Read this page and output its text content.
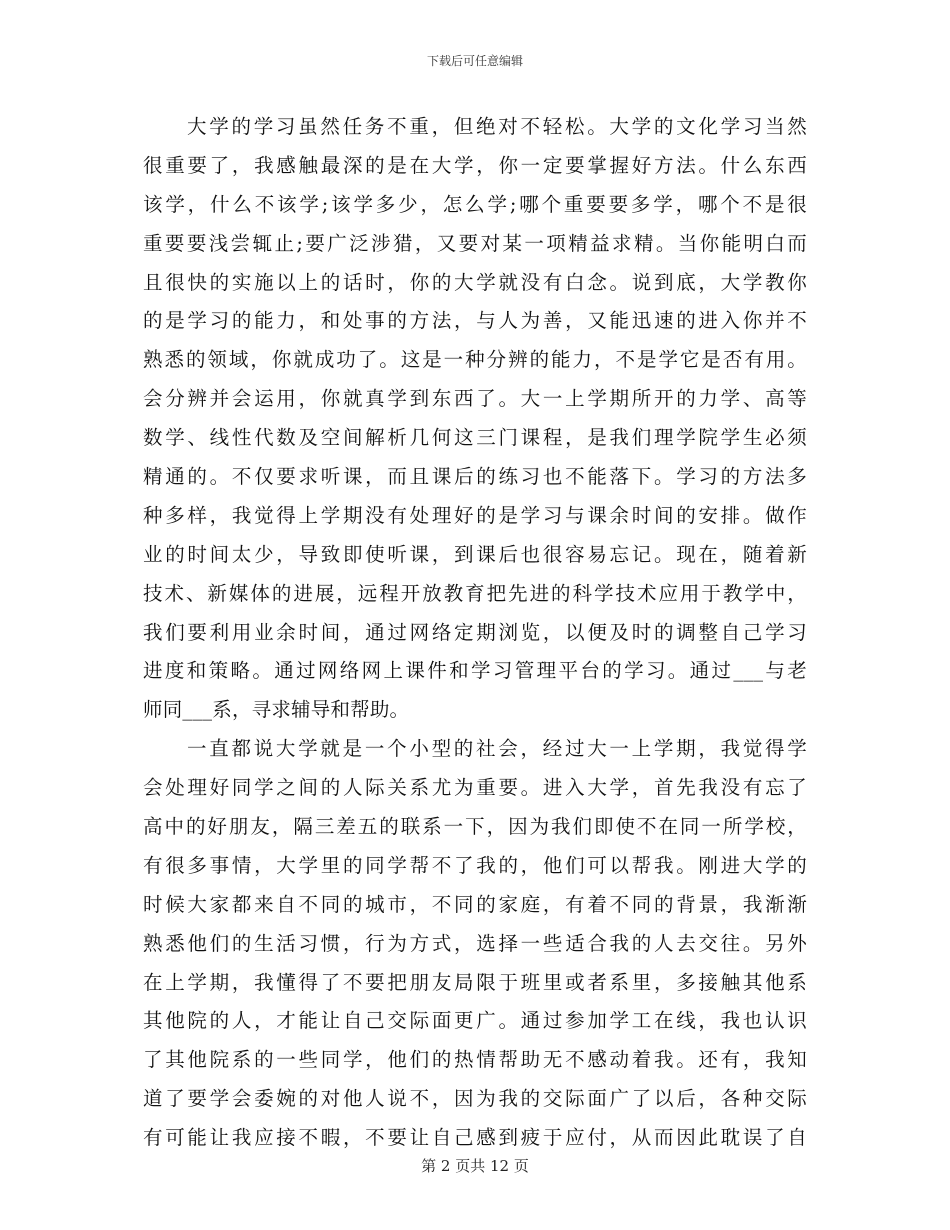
下载后可任意编辑
大学的学习虽然任务不重，但绝对不轻松。大学的文化学习当然
很重要了，我感触最深的是在大学，你一定要掌握好方法。什么东西
该学，什么不该学;该学多少，怎么学;哪个重要要多学，哪个不是很
重要要浅尝辄止;要广泛涉猎，又要对某一项精益求精。当你能明白而
且很快的实施以上的话时，你的大学就没有白念。说到底，大学教你
的是学习的能力，和处事的方法，与人为善，又能迅速的进入你并不
熟悉的领域，你就成功了。这是一种分辨的能力，不是学它是否有用。
会分辨并会运用，你就真学到东西了。大一上学期所开的力学、高等
数学、线性代数及空间解析几何这三门课程，是我们理学院学生必须
精通的。不仅要求听课，而且课后的练习也不能落下。学习的方法多
种多样，我觉得上学期没有处理好的是学习与课余时间的安排。做作
业的时间太少，导致即使听课，到课后也很容易忘记。现在，随着新
技术、新媒体的进展，远程开放教育把先进的科学技术应用于教学中，
我们要利用业余时间，通过网络定期浏览，以便及时的调整自己学习
进度和策略。通过网络网上课件和学习管理平台的学习。通过___与老
师同___系，寻求辅导和帮助。
一直都说大学就是一个小型的社会，经过大一上学期，我觉得学
会处理好同学之间的人际关系尤为重要。进入大学，首先我没有忘了
高中的好朋友，隔三差五的联系一下，因为我们即使不在同一所学校，
有很多事情，大学里的同学帮不了我的，他们可以帮我。刚进大学的
时候大家都来自不同的城市，不同的家庭，有着不同的背景，我渐渐
熟悉他们的生活习惯，行为方式，选择一些适合我的人去交往。另外
在上学期，我懂得了不要把朋友局限于班里或者系里，多接触其他系
其他院的人，才能让自己交际面更广。通过参加学工在线，我也认识
了其他院系的一些同学，他们的热情帮助无不感动着我。还有，我知
道了要学会委婉的对他人说不，因为我的交际面广了以后，各种交际
有可能让我应接不暇，不要让自己感到疲于应付，从而因此耽误了自
第 2 页共 12 页
